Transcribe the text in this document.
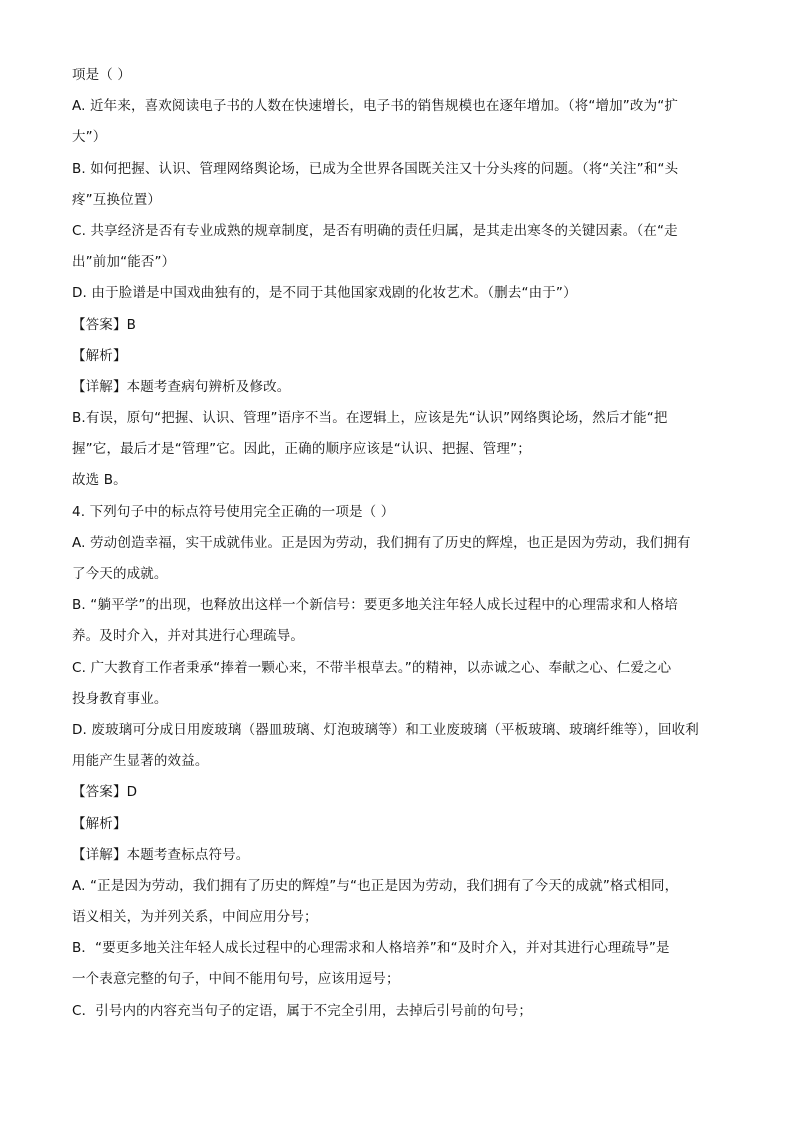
项是（ ）
A. 近年来，喜欢阅读电子书的人数在快速增长，电子书的销售规模也在逐年增加。（将“增加”改为“扩
大”）
B. 如何把握、认识、管理网络舆论场，已成为全世界各国既关注又十分头疼的问题。（将“关注”和“头
疼”互换位置）
C. 共享经济是否有专业成熟的规章制度，是否有明确的责任归属，是其走出寒冬的关键因素。（在“走
出”前加“能否”）
D. 由于脸谱是中国戏曲独有的，是不同于其他国家戏剧的化妆艺术。（删去“由于”）
【答案】B
【解析】
【详解】本题考查病句辨析及修改。
B.有误，原句“把握、认识、管理”语序不当。在逻辑上，应该是先“认识”网络舆论场，然后才能“把
握”它，最后才是“管理”它。因此，正确的顺序应该是“认识、把握、管理”；
故选 B。
4. 下列句子中的标点符号使用完全正确的一项是（ ）
A. 劳动创造幸福，实干成就伟业。正是因为劳动，我们拥有了历史的辉煌，也正是因为劳动，我们拥有
了今天的成就。
B. “躺平学”的出现，也释放出这样一个新信号：要更多地关注年轻人成长过程中的心理需求和人格培
养。及时介入，并对其进行心理疏导。
C. 广大教育工作者秉承“捧着一颗心来，不带半根草去。”的精神，以赤诚之心、奉献之心、仁爱之心
投身教育事业。
D. 废玻璃可分成日用废玻璃（器皿玻璃、灯泡玻璃等）和工业废玻璃（平板玻璃、玻璃纤维等），回收利
用能产生显著的效益。
【答案】D
【解析】
【详解】本题考查标点符号。
A. “正是因为劳动，我们拥有了历史的辉煌”与“也正是因为劳动，我们拥有了今天的成就”格式相同，
语义相关，为并列关系，中间应用分号；
B．“要更多地关注年轻人成长过程中的心理需求和人格培养”和“及时介入，并对其进行心理疏导”是
一个表意完整的句子，中间不能用句号，应该用逗号；
C．引号内的内容充当句子的定语，属于不完全引用，去掉后引号前的句号；
